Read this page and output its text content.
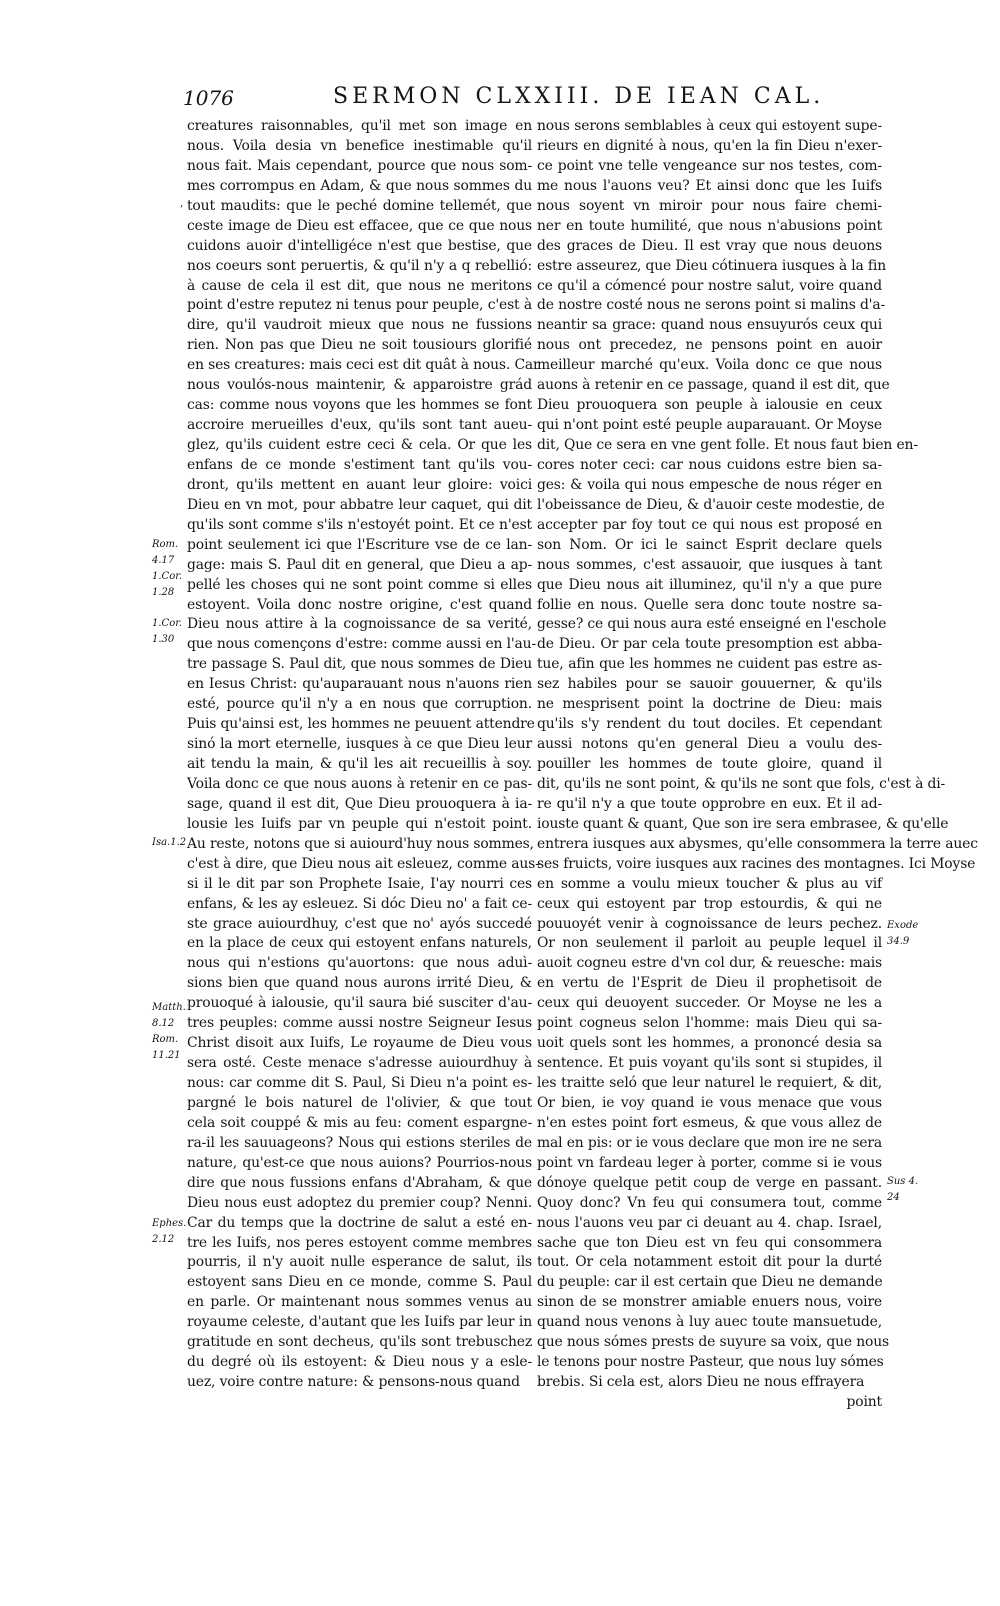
1076	SERMON CLXXIII. DE IEAN CAL.
‚
creatures raisonnables, qu'il met son image en
nous. Voila desia vn benefice inestimable qu'il
nous fait. Mais cependant, pource que nous som-
mes corrompus en Adam, & que nous sommes du
tout maudits: que le peché domine tellemét, que
ceste image de Dieu est effacee, que ce que nous
cuidons auoir d'intelligéce n'est que bestise, que
nos coeurs sont peruertis, & qu'il n'y a q rebellió:
à cause de cela il est dit, que nous ne meritons
point d'estre reputez ni tenus pour peuple, c'est à
dire, qu'il vaudroit mieux que nous ne fussions
rien. Non pas que Dieu ne soit tousiours glorifié
en ses creatures: mais ceci est dit quât à nous. Car
nous voulós-nous maintenir, & apparoistre grád
cas: comme nous voyons que les hommes se font
accroire merueilles d'eux, qu'ils sont tant aueu-
glez, qu'ils cuident estre ceci & cela. Or que les
enfans de ce monde s'estiment tant qu'ils vou-
dront, qu'ils mettent en auant leur gloire: voici
Dieu en vn mot, pour abbatre leur caquet, qui dit
qu'ils sont comme s'ils n'estoyét point. Et ce n'est
point seulement ici que l'Escriture vse de ce lan-
gage: mais S. Paul dit en general, que Dieu a ap-
pellé les choses qui ne sont point comme si elles
estoyent. Voila donc nostre origine, c'est quand
Dieu nous attire à la cognoissance de sa verité,
que nous començons d'estre: comme aussi en l'au-
tre passage S. Paul dit, que nous sommes de Dieu
en Iesus Christ: qu'auparauant nous n'auons rien
esté, pource qu'il n'y a en nous que corruption.
Puis qu'ainsi est, les hommes ne peuuent attendre
sinó la mort eternelle, iusques à ce que Dieu leur
ait tendu la main, & qu'il les ait recueillis à soy.
Voila donc ce que nous auons à retenir en ce pas-
sage, quand il est dit, Que Dieu prouoquera à ia-
lousie les Iuifs par vn peuple qui n'estoit point.
Au reste, notons que si auiourd'huy nous sommes,
c'est à dire, que Dieu nous ait esleuez, comme aus-
si il le dit par son Prophete Isaie, I'ay nourri ces
enfans, & les ay esleuez. Si dóc Dieu no' a fait ce-
ste grace auiourdhuy, c'est que no' ayós succedé
en la place de ceux qui estoyent enfans naturels,
nous qui n'estions qu'auortons: que nous aduì-
sions bien que quand nous aurons irrité Dieu, &
prouoqué à ialousie, qu'il saura bié susciter d'au-
tres peuples: comme aussi nostre Seigneur Iesus
Christ disoit aux Iuifs, Le royaume de Dieu vous
sera osté. Ceste menace s'adresse auiourdhuy à
nous: car comme dit S. Paul, Si Dieu n'a point es-
pargné le bois naturel de l'olivier, & que tout
cela soit couppé & mis au feu: coment espargne-
ra-il les sauuageons? Nous qui estions steriles de
nature, qu'est-ce que nous auions? Pourrios-nous
dire que nous fussions enfans d'Abraham, & que
Dieu nous eust adoptez du premier coup? Nenni.
Car du temps que la doctrine de salut a esté en-
tre les Iuifs, nos peres estoyent comme membres
pourris, il n'y auoit nulle esperance de salut, ils
estoyent sans Dieu en ce monde, comme S. Paul
en parle. Or maintenant nous sommes venus au
royaume celeste, d'autant que les Iuifs par leur in
gratitude en sont decheus, qu'ils sont trebuschez
du degré où ils estoyent: & Dieu nous y a esle-
uez, voire contre nature: & pensons-nous quand
nous serons semblables à ceux qui estoyent supe-
rieurs en dignité à nous, qu'en la fin Dieu n'exer-
ce point vne telle vengeance sur nos testes, com-
me nous l'auons veu? Et ainsi donc que les Iuifs
nous soyent vn miroir pour nous faire chemi-
ner en toute humilité, que nous n'abusions point
des graces de Dieu. Il est vray que nous deuons
estre asseurez, que Dieu cótinuera iusques à la fin
ce qu'il a cómencé pour nostre salut, voire quand
de nostre costé nous ne serons point si malins d'a-
neantir sa grace: quand nous ensuyurós ceux qui
nous ont precedez, ne pensons point en auoir
meilleur marché qu'eux. Voila donc ce que nous
auons à retenir en ce passage, quand il est dit, que
Dieu prouoquera son peuple à ialousie en ceux
qui n'ont point esté peuple auparauant. Or Moyse
dit, Que ce sera en vne gent folle. Et nous faut bien en-
cores noter ceci: car nous cuidons estre bien sa-
ges: & voila qui nous empesche de nous réger en
l'obeissance de Dieu, & d'auoir ceste modestie, de
accepter par foy tout ce qui nous est proposé en
son Nom. Or ici le sainct Esprit declare quels
nous sommes, c'est assauoir, que iusques à tant
que Dieu nous ait illuminez, qu'il n'y a que pure
follie en nous. Quelle sera donc toute nostre sa-
gesse? ce qui nous aura esté enseigné en l'eschole
de Dieu. Or par cela toute presomption est abba-
tue, afin que les hommes ne cuident pas estre as-
sez habiles pour se sauoir gouuerner, & qu'ils
ne mesprisent point la doctrine de Dieu: mais
qu'ils s'y rendent du tout dociles. Et cependant
aussi notons qu'en general Dieu a voulu des-
pouiller les hommes de toute gloire, quand il
dit, qu'ils ne sont point, & qu'ils ne sont que fols, c'est à di-
re qu'il n'y a que toute opprobre en eux. Et il ad-
iouste quant & quant, Que son ire sera embrasee, & qu'elle
entrera iusques aux abysmes, qu'elle consommera la terre auec
ses fruicts, voire iusques aux racines des montagnes. Ici Moyse
en somme a voulu mieux toucher & plus au vif
ceux qui estoyent par trop estourdis, & qui ne
pouuoyét venir à cognoissance de leurs pechez.
Or non seulement il parloit au peuple lequel il
auoit cogneu estre d'vn col dur, & reuesche: mais
en vertu de l'Esprit de Dieu il prophetisoit de
ceux qui deuoyent succeder. Or Moyse ne les a
point cogneus selon l'homme: mais Dieu qui sa-
uoit quels sont les hommes, a prononcé desia sa
sentence. Et puis voyant qu'ils sont si stupides, il
les traitte seló que leur naturel le requiert, & dit,
Or bien, ie voy quand ie vous menace que vous
n'en estes point fort esmeus, & que vous allez de
mal en pis: or ie vous declare que mon ire ne sera
point vn fardeau leger à porter, comme si ie vous
dónoye quelque petit coup de verge en passant.
Quoy donc? Vn feu qui consumera tout, comme
nous l'auons veu par ci deuant au 4. chap. Israel,
sache que ton Dieu est vn feu qui consommera
tout. Or cela notamment estoit dit pour la durté
du peuple: car il est certain que Dieu ne demande
sinon de se monstrer amiable enuers nous, voire
quand nous venons à luy auec toute mansuetude,
que nous sómes prests de suyure sa voix, que nous
le tenons pour nostre Pasteur, que nous luy sómes
brebis. Si cela est, alors Dieu ne nous effrayera
point
Rom.
4.17
1.Cor.
1.28
1.Cor.
1.30
Isa.1.2
Matth.
8.12
Rom.
11.21
Ephes.
2.12
Exode
34.9
Sus 4.
24
